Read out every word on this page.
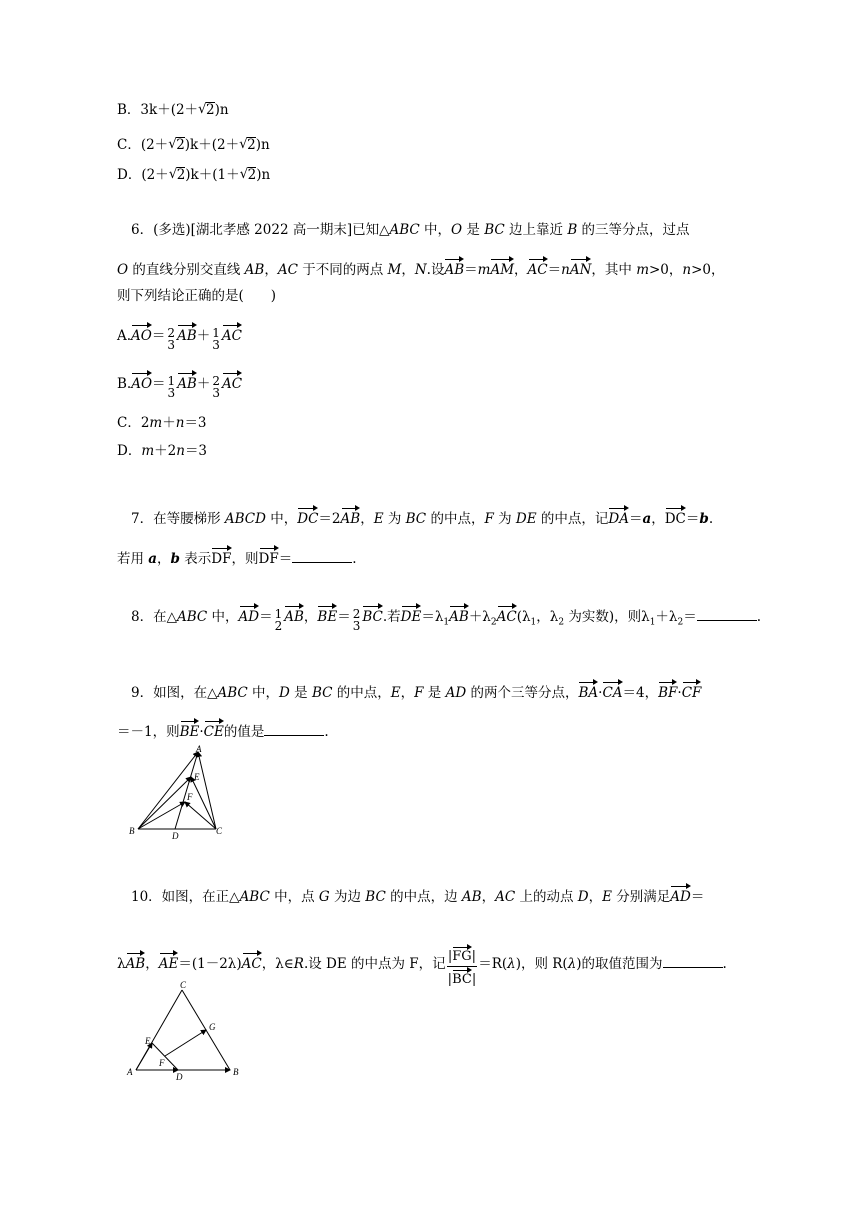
B．3k＋(2＋ √ 2)n
C．(2＋ √ 2)k＋(2＋ √ 2)n
D．(2＋ √ 2)k＋(1＋ √ 2)n
6．(多选)[湖北孝感 2022 高一期末]已知△ABC 中，O 是 BC 边上靠近 B 的三等分点，过点
O 的直线分别交直线 AB，AC 于不同的两点 M，N.设AB＝mAM，AC＝nAN，其中 m>0，n>0，
则下列结论正确的是(　　)
A.AO＝ 2
3
AB＋ 1
3
AC
B.AO＝ 1
3
AB＋ 2
3
AC
C．2m＋n＝3
D．m＋2n＝3
7．在等腰梯形 ABCD 中，DC＝2AB，E 为 BC 的中点，F 为 DE 的中点，记DA＝a，DC＝b.
若用 a，b 表示DF，则DF＝	.
8．在△ABC 中，AD＝ 1
2
AB，BE＝ 2
3
BC.若$DE=\lambda_1AB+\lambda_2AC(\lambda_1$，$\lambda_2$ 为实数)，则$\lambda_1+\lambda_2=$	.
9．如图，在△ABC 中，D 是 BC 的中点，E，F 是 AD 的两个三等分点，BA·CA＝4，BF·CF
＝－1，则BE·CE的值是	.
A
E
F
B	D	C
10．如图，在正△ABC 中，点 G 为边 BC 的中点，边 AB，AC 上的动点 D，E 分别满足AD＝
λAB，AE＝(1－2λ)AC，λ∈R.设 DE 的中点为 F，记 $\frac{|FG|}{|BC|} =R(\lambda)$，则 R(λ)的取值范围为	.
C
E
G
F
A	D	B
